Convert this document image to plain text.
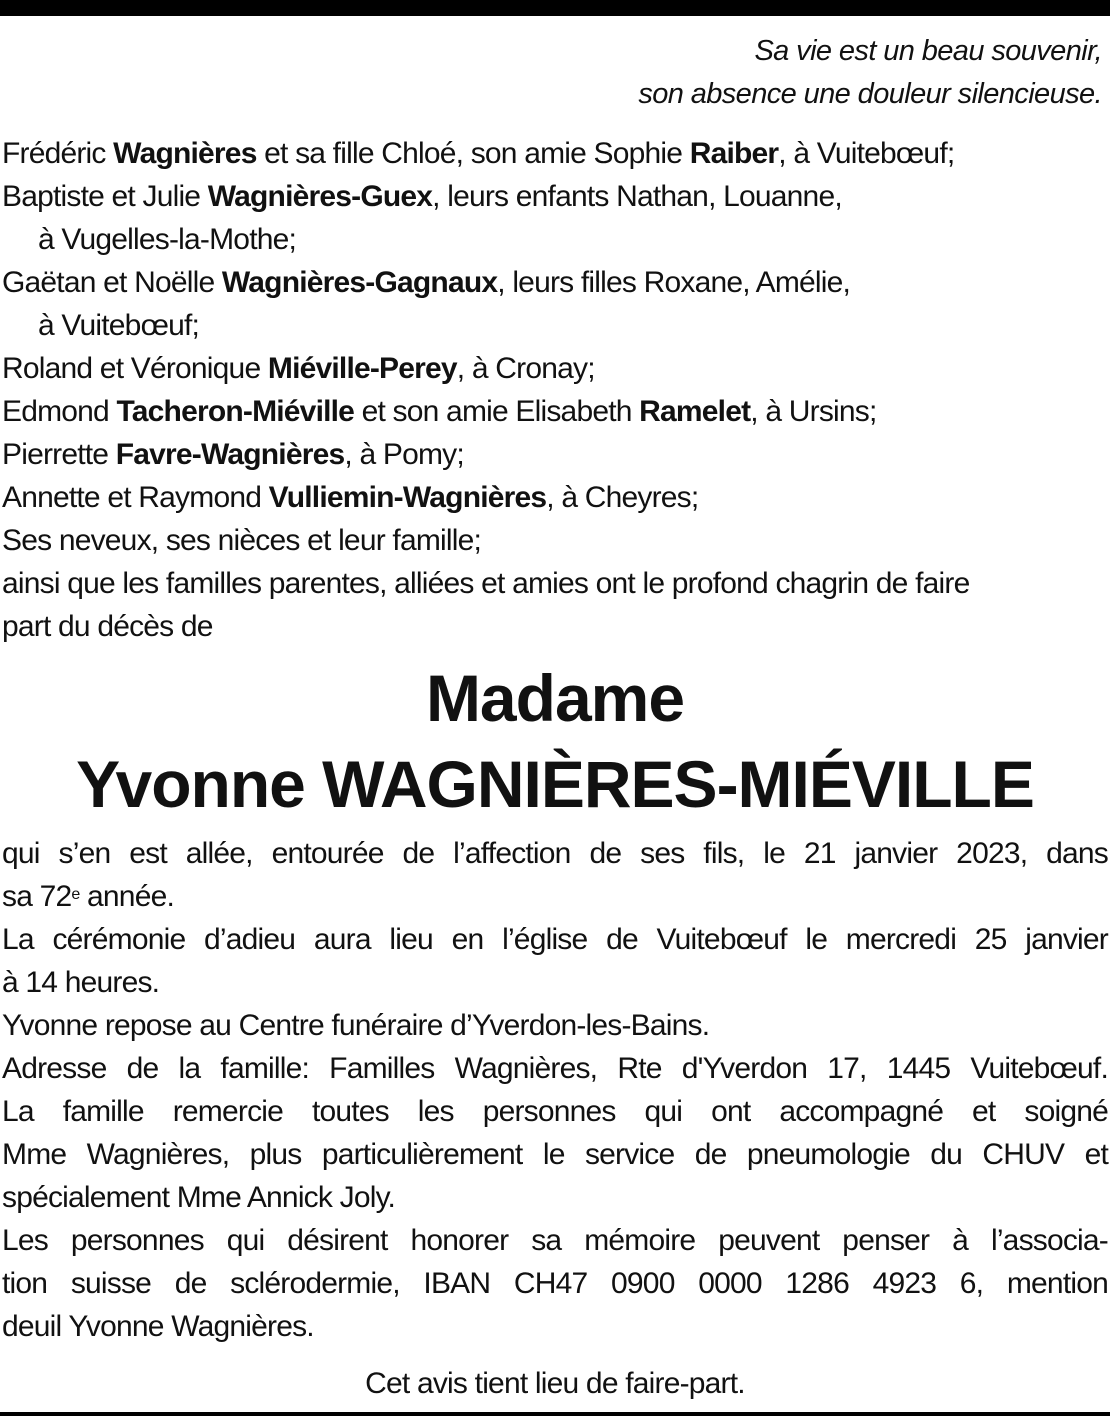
Sa vie est un beau souvenir,
son absence une douleur silencieuse.
Frédéric Wagnières et sa fille Chloé, son amie Sophie Raiber, à Vuitebœuf;
Baptiste et Julie Wagnières-Guex, leurs enfants Nathan, Louanne,
à Vugelles-la-Mothe;
Gaëtan et Noëlle Wagnières-Gagnaux, leurs filles Roxane, Amélie,
à Vuitebœuf;
Roland et Véronique Miéville-Perey, à Cronay;
Edmond Tacheron-Miéville et son amie Elisabeth Ramelet, à Ursins;
Pierrette Favre-Wagnières, à Pomy;
Annette et Raymond Vulliemin-Wagnières, à Cheyres;
Ses neveux, ses nièces et leur famille;
ainsi que les familles parentes, alliées et amies ont le profond chagrin de faire
part du décès de
Madame
Yvonne WAGNIÈRES-MIÉVILLE
qui s’en est allée, entourée de l’affection de ses fils, le 21 janvier 2023, dans
sa 72e année.
La cérémonie d’adieu aura lieu en l’église de Vuitebœuf le mercredi 25 janvier
à 14 heures.
Yvonne repose au Centre funéraire d’Yverdon-les-Bains.
Adresse de la famille: Familles Wagnières, Rte d'Yverdon 17, 1445 Vuitebœuf.
La famille remercie toutes les personnes qui ont accompagné et soigné
Mme Wagnières, plus particulièrement le service de pneumologie du CHUV et
spécialement Mme Annick Joly.
Les personnes qui désirent honorer sa mémoire peuvent penser à l’associa-
tion suisse de sclérodermie, IBAN CH47 0900 0000 1286 4923 6, mention
deuil Yvonne Wagnières.
Cet avis tient lieu de faire-part.
